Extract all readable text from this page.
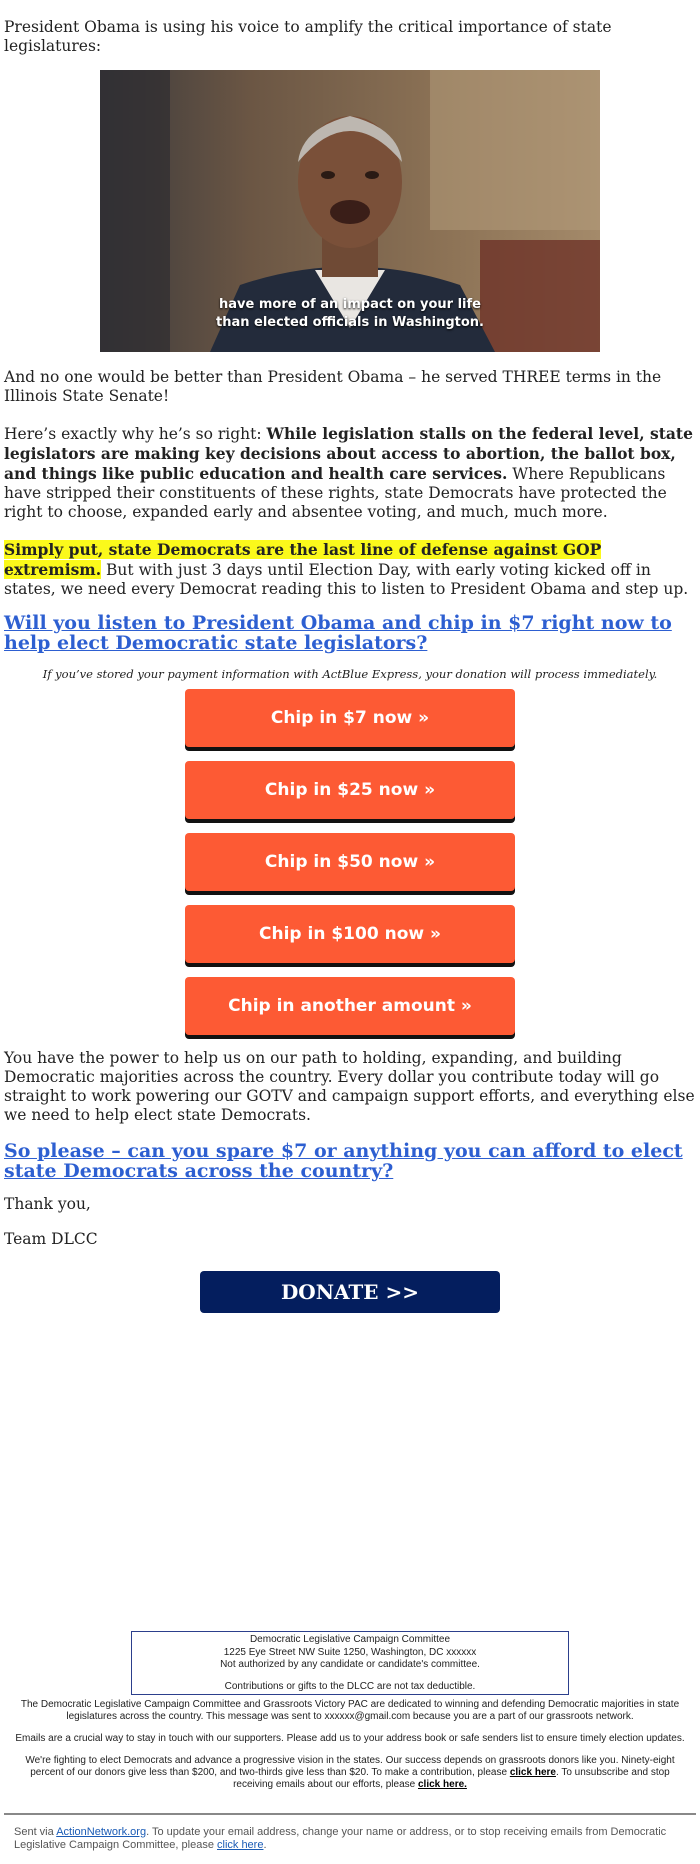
President Obama is using his voice to amplify the critical importance of state legislatures:

have more of an impact on your life
than elected officials in Washington.

And no one would be better than President Obama – he served THREE terms in the Illinois State Senate!

Here’s exactly why he’s so right: While legislation stalls on the federal level, state legislators are making key decisions about access to abortion, the ballot box, and things like public education and health care services. Where Republicans have stripped their constituents of these rights, state Democrats have protected the right to choose, expanded early and absentee voting, and much, much more.

Simply put, state Democrats are the last line of defense against GOP extremism. But with just 3 days until Election Day, with early voting kicked off in states, we need every Democrat reading this to listen to President Obama and step up.

Will you listen to President Obama and chip in $7 right now to help elect Democratic state legislators?
If you’ve stored your payment information with ActBlue Express, your donation will process immediately.
Chip in $7 now »
Chip in $25 now »
Chip in $50 now »
Chip in $100 now »
Chip in another amount »

You have the power to help us on our path to holding, expanding, and building Democratic majorities across the country. Every dollar you contribute today will go straight to work powering our GOTV and campaign support efforts, and everything else we need to help elect state Democrats.

So please – can you spare $7 or anything you can afford to elect state Democrats across the country?

Thank you,

Team DLCC

DONATE >>
Democratic Legislative Campaign Committee
1225 Eye Street NW Suite 1250, Washington, DC xxxxxx
Not authorized by any candidate or candidate's committee.
Contributions or gifts to the DLCC are not tax deductible.
The Democratic Legislative Campaign Committee and Grassroots Victory PAC are dedicated to winning and defending Democratic majorities in state legislatures across the country. This message was sent to xxxxxx@gmail.com because you are a part of our grassroots network.
Emails are a crucial way to stay in touch with our supporters. Please add us to your address book or safe senders list to ensure timely election updates.
We're fighting to elect Democrats and advance a progressive vision in the states. Our success depends on grassroots donors like you. Ninety-eight percent of our donors give less than $200, and two-thirds give less than $20. To make a contribution, please click here. To unsubscribe and stop receiving emails about our efforts, please click here.
Sent via ActionNetwork.org. To update your email address, change your name or address, or to stop receiving emails from Democratic Legislative Campaign Committee, please click here.
